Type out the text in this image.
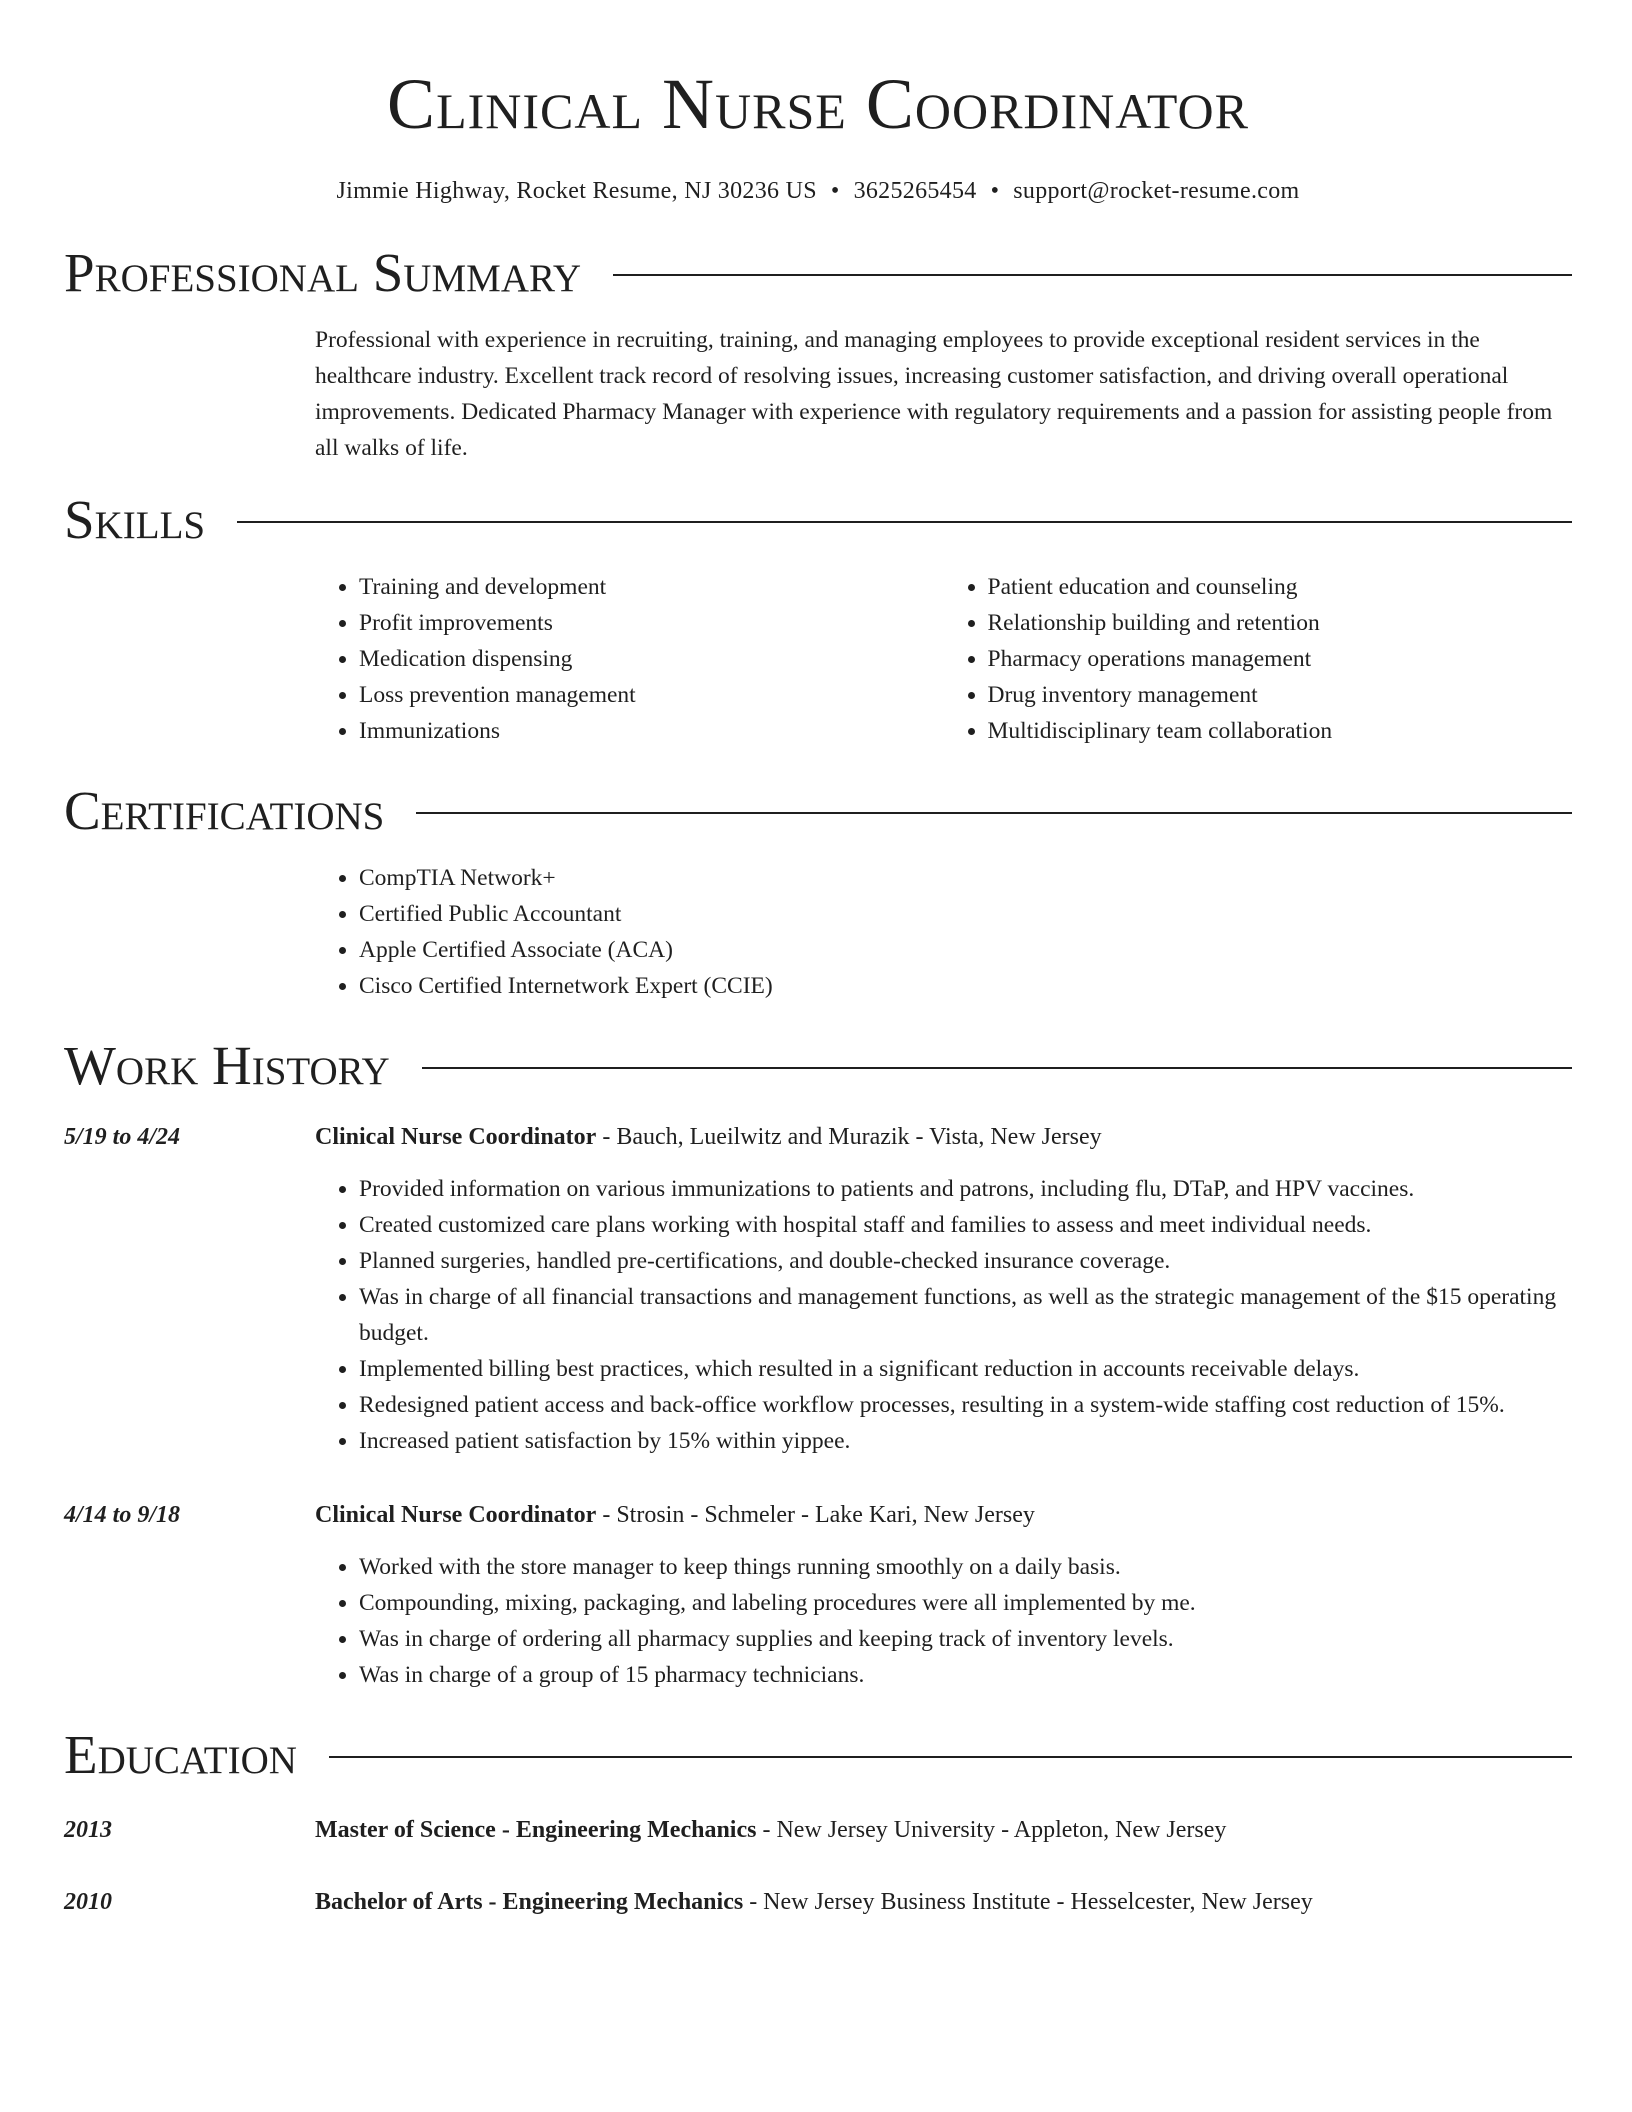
Clinical Nurse Coordinator
Jimmie Highway, Rocket Resume, NJ 30236 US • 3625265454 • support@rocket-resume.com
Professional Summary
Professional with experience in recruiting, training, and managing employees to provide exceptional resident services in the healthcare industry. Excellent track record of resolving issues, increasing customer satisfaction, and driving overall operational improvements. Dedicated Pharmacy Manager with experience with regulatory requirements and a passion for assisting people from all walks of life.
Skills
• Training and development
• Profit improvements
• Medication dispensing
• Loss prevention management
• Immunizations
• Patient education and counseling
• Relationship building and retention
• Pharmacy operations management
• Drug inventory management
• Multidisciplinary team collaboration
Certifications
• CompTIA Network+
• Certified Public Accountant
• Apple Certified Associate (ACA)
• Cisco Certified Internetwork Expert (CCIE)
Work History
5/19 to 4/24	Clinical Nurse Coordinator - Bauch, Lueilwitz and Murazik - Vista, New Jersey
• Provided information on various immunizations to patients and patrons, including flu, DTaP, and HPV vaccines.
• Created customized care plans working with hospital staff and families to assess and meet individual needs.
• Planned surgeries, handled pre-certifications, and double-checked insurance coverage.
• Was in charge of all financial transactions and management functions, as well as the strategic management of the $15 operating budget.
• Implemented billing best practices, which resulted in a significant reduction in accounts receivable delays.
• Redesigned patient access and back-office workflow processes, resulting in a system-wide staffing cost reduction of 15%.
• Increased patient satisfaction by 15% within yippee.
4/14 to 9/18	Clinical Nurse Coordinator - Strosin - Schmeler - Lake Kari, New Jersey
• Worked with the store manager to keep things running smoothly on a daily basis.
• Compounding, mixing, packaging, and labeling procedures were all implemented by me.
• Was in charge of ordering all pharmacy supplies and keeping track of inventory levels.
• Was in charge of a group of 15 pharmacy technicians.
Education
2013	Master of Science - Engineering Mechanics - New Jersey University - Appleton, New Jersey
2010	Bachelor of Arts - Engineering Mechanics - New Jersey Business Institute - Hesselcester, New Jersey
